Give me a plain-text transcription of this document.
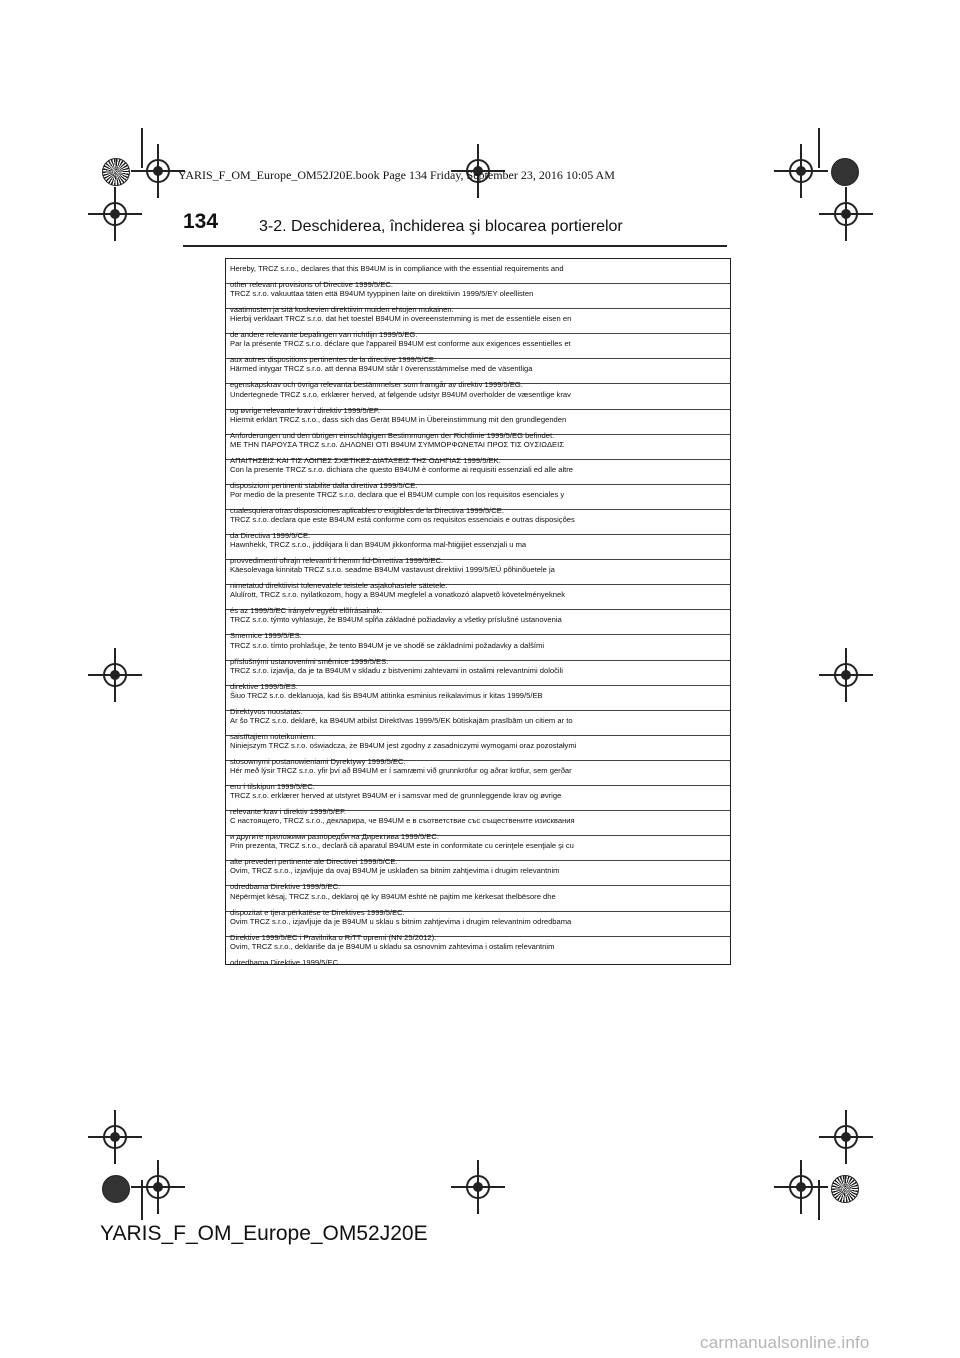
YARIS_F_OM_Europe_OM52J20E.book Page 134 Friday, September 23, 2016 10:05 AM
134	3-2. Deschiderea, închiderea şi blocarea portierelor
Hereby, TRCZ s.r.o., declares that this B94UM is in compliance with the essential requirements and
other relevant provisions of Directive 1999/5/EC.
TRCZ s.r.o. vakuuttaa täten että B94UM tyyppinen laite on direktiivin 1999/5/EY oleellisten
vaatimusten ja sitä koskevien direktiivin muiden ehtojen mukainen.
Hierbij verklaart TRCZ s.r.o. dat het toestel B94UM in overeenstemming is met de essentiële eisen en
de andere relevante bepalingen van richtlijn 1999/5/EG.
Par la présente TRCZ s.r.o. déclare que l'appareil B94UM est conforme aux exigences essentielles et
aux autres dispositions pertinentes de la directive 1999/5/CE.
Härmed intygar TRCZ s.r.o. att denna B94UM står I överensstämmelse med de väsentliga
egenskapskrav och övriga relevanta bestämmelser som framgår av direktiv 1999/5/EG.
Undertegnede TRCZ s.r.o. erklærer herved, at følgende udstyr B94UM overholder de væsentlige krav
og øvrige relevante krav i direktiv 1999/5/EF.
Hiermit erklärt TRCZ s.r.o., dass sich das Gerät B94UM in Übereinstimmung mit den grundlegenden
Anforderungen und den übrigen einschlägigen Bestimmungen der Richtlinie 1999/5/EG befindet.
ΜΕ ΤΗΝ ΠΑΡΟΥΣΑ TRCZ s.r.o. ΔΗΛΩΝΕΙ ΟΤΙ B94UM ΣΥΜΜΟΡΦΩΝΕΤΑΙ ΠΡΟΣ ΤΙΣ ΟΥΣΙΩΔΕΙΣ
ΑΠΑΙΤΗΣΕΙΣ ΚΑΙ ΤΙΣ ΛΟΙΠΕΣ ΣΧΕΤΙΚΕΣ ΔΙΑΤΑΞΕΙΣ ΤΗΣ ΟΔΗΓΙΑΣ 1999/5/ΕΚ.
Con la presente TRCZ s.r.o. dichiara che questo B94UM è conforme ai requisiti essenziali ed alle altre
disposizioni pertinenti stabilite dalla direttiva 1999/5/CE.
Por medio de la presente TRCZ s.r.o. declara que el B94UM cumple con los requisitos esenciales y
cualesquiera otras disposiciones aplicables o exigibles de la Directiva 1999/5/CE.
TRCZ s.r.o. declara que este B94UM está conforme com os requisitos essenciais e outras disposições
da Directiva 1999/5/CE.
Hawnhekk, TRCZ s.r.o., jiddikjara li dan B94UM jikkonforma mal-ħtiġijiet essenzjali u ma
provvedimenti oħrajn relevanti li hemm fid-Dirrettiva 1999/5/EC.
Käesolevaga kinnitab TRCZ s.r.o. seadme B94UM vastavust direktiivi 1999/5/EÜ põhinõuetele ja
nimetatud direktiivist tulenevatele teistele asjakohastele sätetele.
Alulírott, TRCZ s.r.o. nyilatkozom, hogy a B94UM megfelel a vonatkozó alapvetõ követelményeknek
és az 1999/5/EC irányelv egyéb elõírásainak.
TRCZ s.r.o. týmto vyhlasuje, že B94UM spĺňa základné požiadavky a všetky príslušné ustanovenia
Smernice 1999/5/ES.
TRCZ s.r.o. tímto prohlašuje, že tento B94UM je ve shodě se základními požadavky a dalšími
příslušnými ustanoveními směrnice 1999/5/ES.
TRCZ s.r.o. izjavlja, da je ta B94UM v skladu z bistvenimi zahtevami in ostalimi relevantnimi določili
direktive 1999/5/ES.
Šiuo TRCZ s.r.o. deklaruoja, kad šis B94UM atitinka esminius reikalavimus ir kitas 1999/5/EB
Direktyvos nuostatas.
Ar šo TRCZ s.r.o. deklarē, ka B94UM atbilst Direktīvas 1999/5/EK būtiskajām prasībām un citiem ar to
saistītajiem noteikumiem.
Niniejszym TRCZ s.r.o. oświadcza, że B94UM jest zgodny z zasadniczymi wymogami oraz pozostałymi
stosownymi postanowieniami Dyrektywy 1999/5/EC.
Hér með lýsir TRCZ s.r.o. yfir því að B94UM er í samræmi við grunnkröfur og aðrar kröfur, sem gerðar
eru í tilskipun 1999/5/EC.
TRCZ s.r.o. erklærer herved at utstyret B94UM er i samsvar med de grunnleggende krav og øvrige
relevante krav i direktiv 1999/5/EF.
С настоящето, TRCZ s.r.o., декларира, че B94UM е в съответствие със съществените изисквания
и другите приложими разпоредби на Директива 1999/5/ЕС.
Prin prezenta, TRCZ s.r.o., declară că aparatul B94UM este in conformitate cu cerinţele esenţiale şi cu
alte prevederi pertinente ale Directivei 1999/5/CE.
Ovim, TRCZ s.r.o., izjavljuje da ovaj B94UM je usklađen sa bitnim zahtjevima i drugim relevantnim
odredbama Direktive 1999/5/EC.
Nëpërmjet kësaj, TRCZ s.r.o., deklaroj që ky B94UM është në pajtim me kërkesat thelbësore dhe
dispozitat e tjera përkatëse te Direktives 1999/5/EC.
Ovim TRCZ s.r.o., izjavljuje da je B94UM u sklau s bitnim zahtjevima i drugim relevantnim odredbama
Direktive 1999/5/EC i Pravilnika o RiTT opremi (NN 25/2012).
Ovim, TRCZ s.r.o., deklariše da je B94UM u skladu sa osnovnim zahtevima i ostalim relevantnim
odredbama Direktive 1999/5/EC.
YARIS_F_OM_Europe_OM52J20E
carmanualsonline.info
